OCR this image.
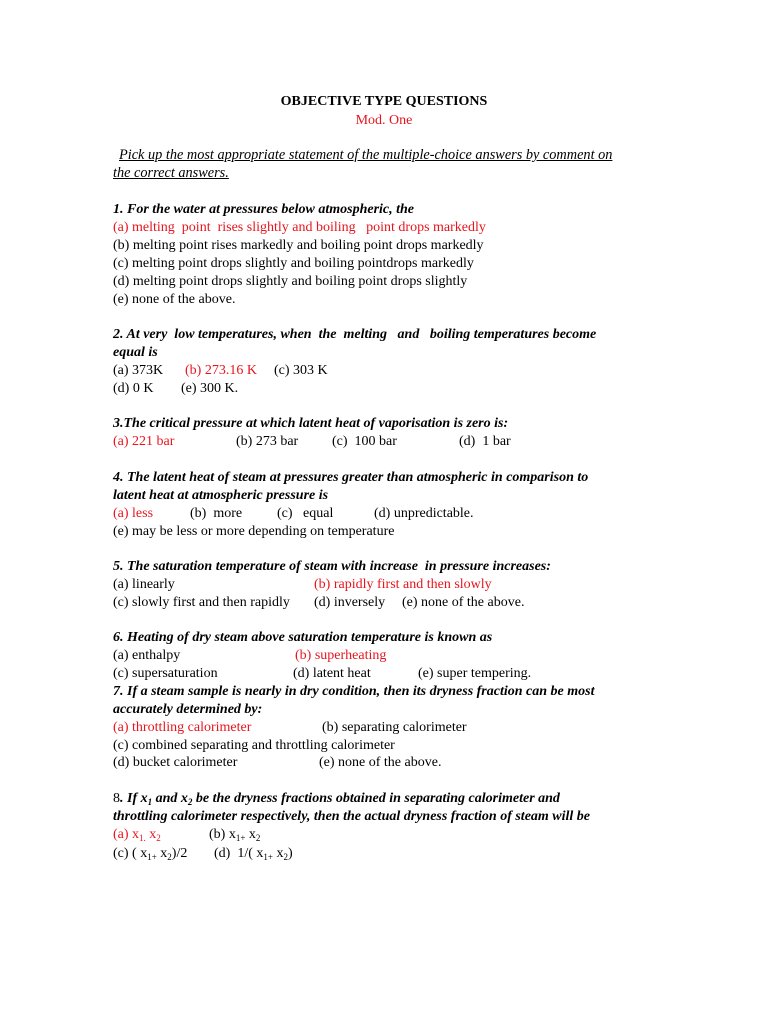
OBJECTIVE TYPE QUESTIONS
Mod. One
Pick up the most appropriate statement of the multiple-choice answers by comment on
the correct answers.
1. For the water at pressures below atmospheric, the
(a) melting  point  rises slightly and boiling   point drops markedly
(b) melting point rises markedly and boiling point drops markedly
(c) melting point drops slightly and boiling pointdrops markedly
(d) melting point drops slightly and boiling point drops slightly
(e) none of the above.
2. At very  low temperatures, when  the  melting   and   boiling temperatures become
equal is
(a) 373K (b) 273.16 K (c) 303 K
(d) 0 K (e) 300 K.
3.The critical pressure at which latent heat of vaporisation is zero is:
(a) 221 bar	(b) 273 bar (c)  100 bar	(d)  1 bar
4. The latent heat of steam at pressures greater than atmospheric in comparison to
latent heat at atmospheric pressure is
(a) less	(b)  more (c)   equal	(d) unpredictable.
(e) may be less or more depending on temperature
5. The saturation temperature of steam with increase  in pressure increases:
(a) linearly	(b) rapidly first and then slowly
(c) slowly first and then rapidly (d) inversely (e) none of the above.
6. Heating of dry steam above saturation temperature is known as
(a) enthalpy	(b) superheating
(c) supersaturation	(d) latent heat	(e) super tempering.
7. If a steam sample is nearly in dry condition, then its dryness fraction can be most
accurately determined by:
(a) throttling calorimeter	(b) separating calorimeter
(c) combined separating and throttling calorimeter
(d) bucket calorimeter	(e) none of the above.
8. If $x_1$ and $x_2$ be the dryness fractions obtained in separating calorimeter and
throttling calorimeter respectively, then the actual dryness fraction of steam will be
(a) $x_{1.}$ $x_2$	(b) $x_{1+}$ $x_2$
(c) ( $x_{1+}$ $x_2)/2$ (d)  1/( $x_{1+}$ $x_2$)
